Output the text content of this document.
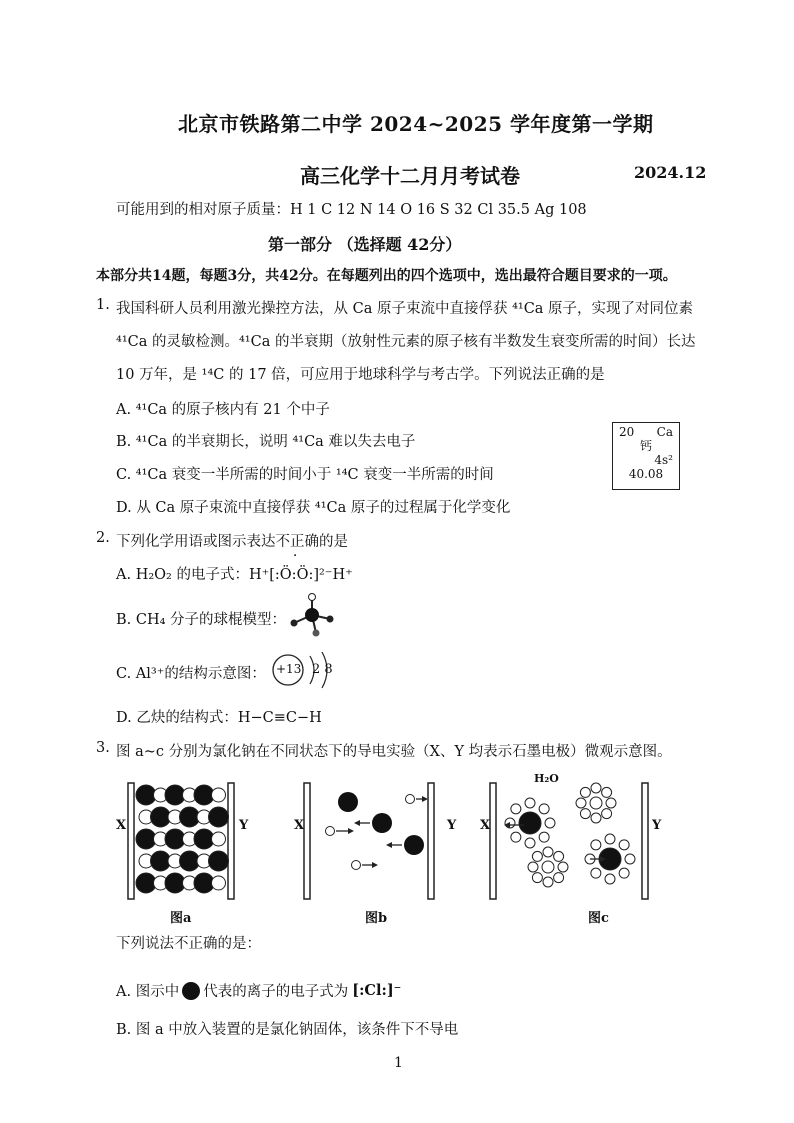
北京市铁路第二中学 2024~2025 学年度第一学期
高三化学十二月月考试卷	2024.12
可能用到的相对原子质量：H 1 C 12 N 14 O 16 S 32 Cl 35.5 Ag 108
第一部分 （选择题 42分）
本部分共14题，每题3分，共42分。在每题列出的四个选项中，选出最符合题目要求的一项。
1. 我国科研人员利用激光操控方法，从 Ca 原子束流中直接俘获 ⁴¹Ca 原子，实现了对同位素
⁴¹Ca 的灵敏检测。⁴¹Ca 的半衰期（放射性元素的原子核有半数发生衰变所需的时间）长达
10 万年，是 ¹⁴C 的 17 倍，可应用于地球科学与考古学。下列说法正确的是
A. ⁴¹Ca 的原子核内有 21 个中子
B. ⁴¹Ca 的半衰期长，说明 ⁴¹Ca 难以失去电子
C. ⁴¹Ca 衰变一半所需的时间小于 ¹⁴C 衰变一半所需的时间
D. 从 Ca 原子束流中直接俘获 ⁴¹Ca 原子的过程属于化学变化
20 Ca
钙
4s²
40.08
2. 下列化学用语或图示表达不正确的是
A. H₂O₂ 的电子式：H⁺[:Ö:Ö:]²⁻H⁺
B. CH₄ 分子的球棍模型：
C. Al³⁺的结构示意图： +13 2 8
D. 乙炔的结构式：H−C≡C−H
3. 图 a~c 分别为氯化钠在不同状态下的导电实验（X、Y 均表示石墨电极）微观示意图。
X	Y
图a
X	Y
图b
X	Y
H₂O
图c
下列说法不正确的是：
A. 图示中 代表的离子的电子式为 [:Cl:]⁻
B. 图 a 中放入装置的是氯化钠固体，该条件下不导电
1
